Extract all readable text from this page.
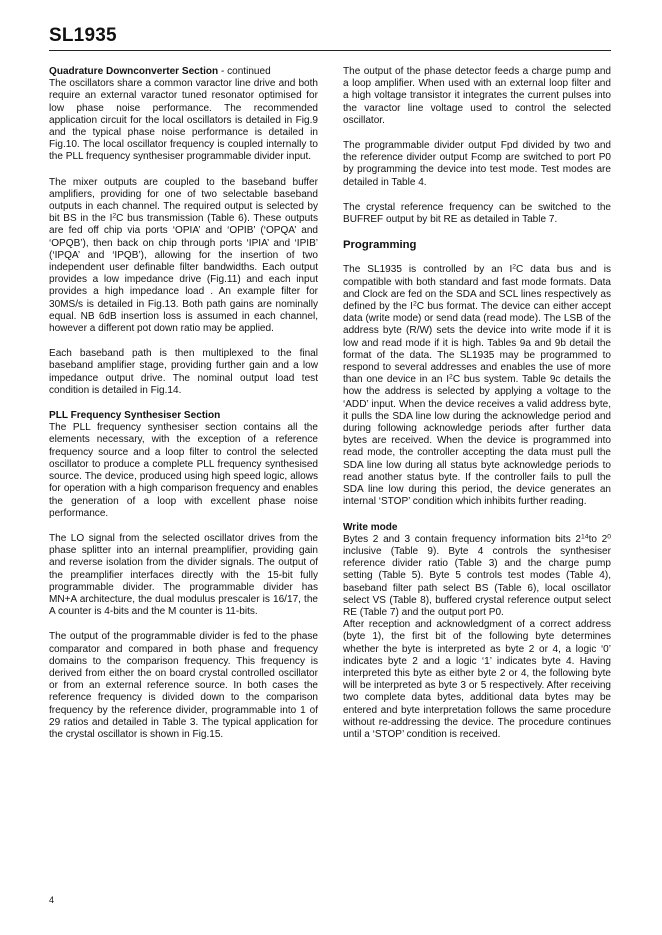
SL1935

Quadrature Downconverter Section - continued

The oscillators share a common varactor line drive and both require an external varactor tuned resonator optimised for low phase noise performance. The recommended application circuit for the local oscillators is detailed in Fig.9 and the typical phase noise performance is detailed in Fig.10. The local oscillator frequency is coupled internally to the PLL frequency synthesiser programmable divider input.

The mixer outputs are coupled to the baseband buffer amplifiers, providing for one of two selectable baseband outputs in each channel. The required output is selected by bit BS in the $I^2C$ bus transmission (Table 6). These outputs are fed off chip via ports ‘OPIA’ and ‘OPIB’ (‘OPQA’ and ‘OPQB’), then back on chip through ports ‘IPIA’ and ‘IPIB’ (‘IPQA’ and ‘IPQB’), allowing for the insertion of two independent user definable filter bandwidths. Each output provides a low impedance drive (Fig.11) and each input provides a high impedance load . An example filter for 30MS/s is detailed in Fig.13. Both path gains are nominally equal. NB 6dB insertion loss is assumed in each channel, however a different pot down ratio may be applied.

Each baseband path is then multiplexed to the final baseband amplifier stage, providing further gain and a low impedance output drive. The nominal output load test condition is detailed in Fig.14.

PLL Frequency Synthesiser Section

The PLL frequency synthesiser section contains all the elements necessary, with the exception of a reference frequency source and a loop filter to control the selected oscillator to produce a complete PLL frequency synthesised source. The device, produced using high speed logic, allows for operation with a high comparison frequency and enables the generation of a loop with excellent phase noise performance.

The LO signal from the selected oscillator drives from the phase splitter into an internal preamplifier, providing gain and reverse isolation from the divider signals. The output of the preamplifier interfaces directly with the 15-bit fully programmable divider. The programmable divider has MN+A architecture, the dual modulus prescaler is 16/17, the A counter is 4-bits and the M counter is 11-bits.

The output of the programmable divider is fed to the phase comparator and compared in both phase and frequency domains to the comparison frequency. This frequency is derived from either the on board crystal controlled oscillator or from an external reference source. In both cases the reference frequency is divided down to the comparison frequency by the reference divider, programmable into 1 of 29 ratios and detailed in Table 3. The typical application for the crystal oscillator is shown in Fig.15.

The output of the phase detector feeds a charge pump and a loop amplifier. When used with an external loop filter and a high voltage transistor it integrates the current pulses into the varactor line voltage used to control the selected oscillator.

The programmable divider output Fpd divided by two and the reference divider output Fcomp are switched to port P0 by programming the device into test mode. Test modes are detailed in Table 4.

The crystal reference frequency can be switched to the BUFREF output by bit RE as detailed in Table 7.

Programming

The SL1935 is controlled by an $I^2C$ data bus and is compatible with both standard and fast mode formats. Data and Clock are fed on the SDA and SCL lines respectively as defined by the $I^2C$ bus format. The device can either accept data (write mode) or send data (read mode). The LSB of the address byte (R/W) sets the device into write mode if it is low and read mode if it is high. Tables 9a and 9b detail the format of the data. The SL1935 may be programmed to respond to several addresses and enables the use of more than one device in an $I^2C$ bus system. Table 9c details the how the address is selected by applying a voltage to the ‘ADD’ input. When the device receives a valid address byte, it pulls the SDA line low during the acknowledge period and during following acknowledge periods after further data bytes are received. When the device is programmed into read mode, the controller accepting the data must pull the SDA line low during all status byte acknowledge periods to read another status byte. If the controller fails to pull the SDA line low during this period, the device generates an internal ‘STOP’ condition which inhibits further reading.

Write mode

Bytes 2 and 3 contain frequency information bits $2^{14}to$ $2^0$ inclusive (Table 9). Byte 4 controls the synthesiser reference divider ratio (Table 3) and the charge pump setting (Table 5). Byte 5 controls test modes (Table 4), baseband filter path select BS (Table 6), local oscillator select VS (Table 8), buffered crystal reference output select RE (Table 7) and the output port P0.

After reception and acknowledgment of a correct address (byte 1), the first bit of the following byte determines whether the byte is interpreted as byte 2 or 4, a logic ‘0’ indicates byte 2 and a logic ‘1’ indicates byte 4. Having interpreted this byte as either byte 2 or 4, the following byte will be interpreted as byte 3 or 5 respectively. After receiving two complete data bytes, additional data bytes may be entered and byte interpretation follows the same procedure without re-addressing the device. The procedure continues until a ‘STOP’ condition is received.

4
